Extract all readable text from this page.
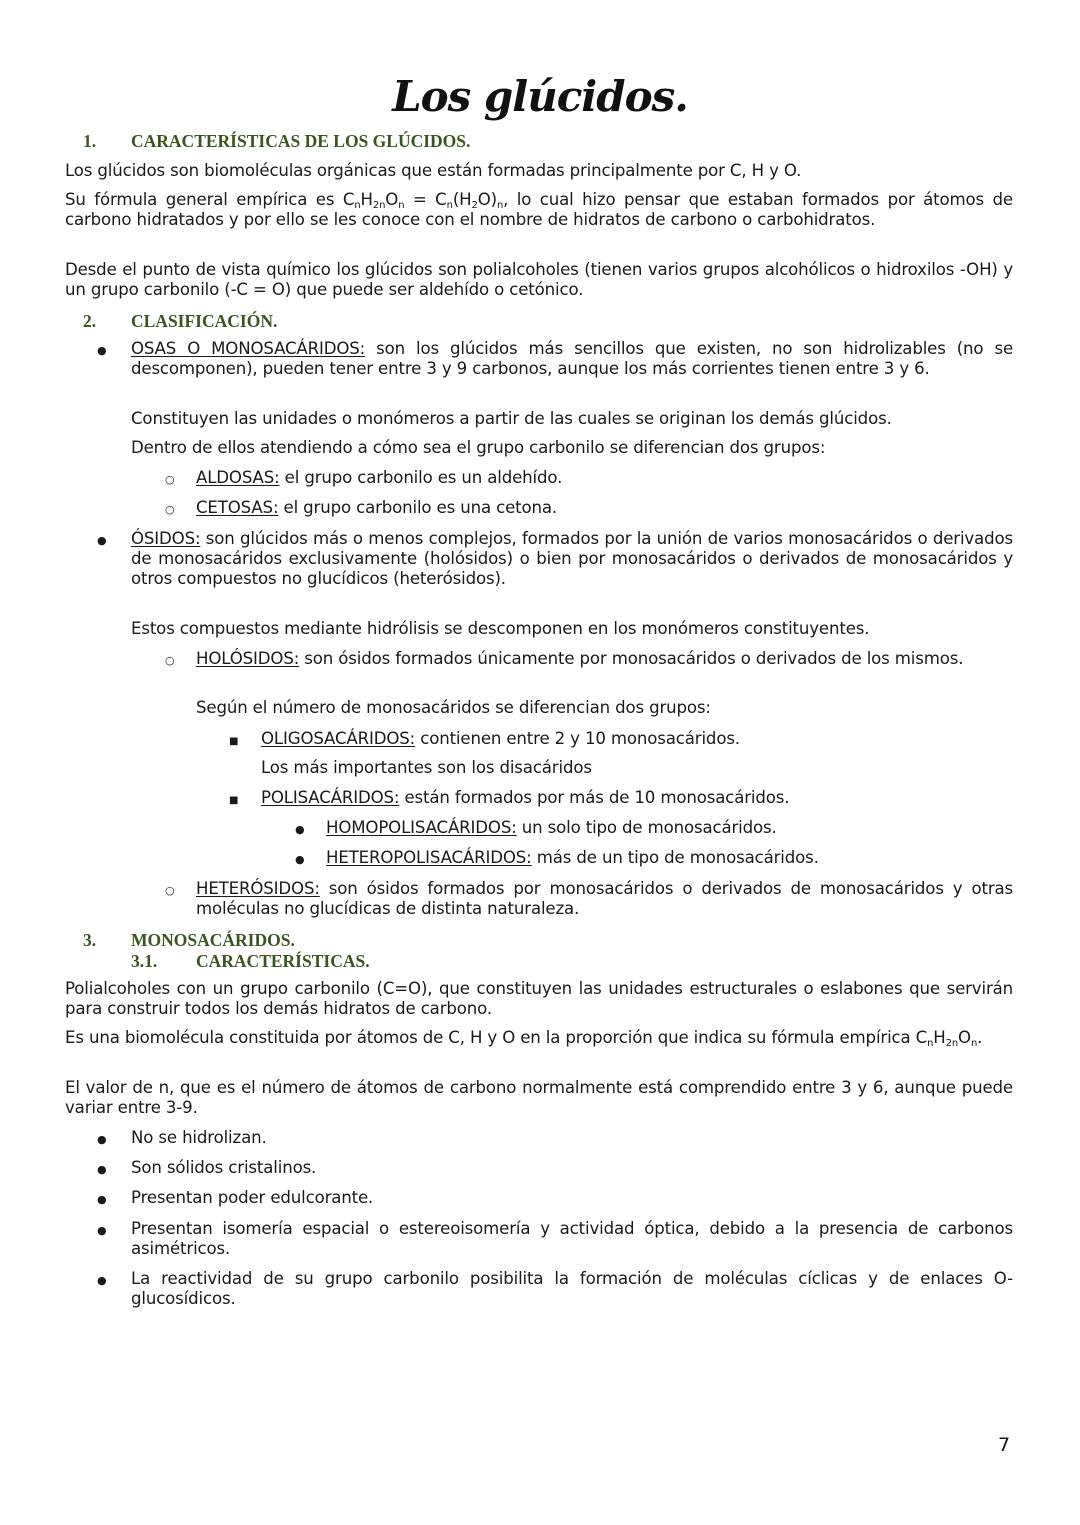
Los glúcidos.
1. CARACTERÍSTICAS DE LOS GLÚCIDOS.
Los glúcidos son biomoléculas orgánicas que están formadas principalmente por C, H y O.
Su fórmula general empírica es $C_nH_{2n}O_n = C_n(H_2O)_n$, lo cual hizo pensar que estaban formados por átomos de carbono hidratados y por ello se les conoce con el nombre de hidratos de carbono o carbohidratos.
Desde el punto de vista químico los glúcidos son polialcoholes (tienen varios grupos alcohólicos o hidroxilos -OH) y un grupo carbonilo (-C = O) que puede ser aldehído o cetónico.
2. CLASIFICACIÓN.
●
OSAS O MONOSACÁRIDOS: son los glúcidos más sencillos que existen, no son hidrolizables (no se descomponen), pueden tener entre 3 y 9 carbonos, aunque los más corrientes tienen entre 3 y 6.
Constituyen las unidades o monómeros a partir de las cuales se originan los demás glúcidos.
Dentro de ellos atendiendo a cómo sea el grupo carbonilo se diferencian dos grupos:
○
ALDOSAS: el grupo carbonilo es un aldehído.
○
CETOSAS: el grupo carbonilo es una cetona.
●
ÓSIDOS: son glúcidos más o menos complejos, formados por la unión de varios monosacáridos o derivados de monosacáridos exclusivamente (holósidos) o bien por monosacáridos o derivados de monosacáridos y otros compuestos no glucídicos (heterósidos).
Estos compuestos mediante hidrólisis se descomponen en los monómeros constituyentes.
○
HOLÓSIDOS: son ósidos formados únicamente por monosacáridos o derivados de los mismos.
Según el número de monosacáridos se diferencian dos grupos:
■
OLIGOSACÁRIDOS: contienen entre 2 y 10 monosacáridos.
Los más importantes son los disacáridos
■
POLISACÁRIDOS: están formados por más de 10 monosacáridos.
●
HOMOPOLISACÁRIDOS: un solo tipo de monosacáridos.
●
HETEROPOLISACÁRIDOS: más de un tipo de monosacáridos.
○
HETERÓSIDOS: son ósidos formados por monosacáridos o derivados de monosacáridos y otras moléculas no glucídicas de distinta naturaleza.
3. MONOSACÁRIDOS.
3.1. CARACTERÍSTICAS.
Polialcoholes con un grupo carbonilo (C=O), que constituyen las unidades estructurales o eslabones que servirán para construir todos los demás hidratos de carbono.
Es una biomolécula constituida por átomos de C, H y O en la proporción que indica su fórmula empírica $C_nH_{2n}O_n$.
El valor de n, que es el número de átomos de carbono normalmente está comprendido entre 3 y 6, aunque puede variar entre 3-9.
●
No se hidrolizan.
●
Son sólidos cristalinos.
●
Presentan poder edulcorante.
●
Presentan isomería espacial o estereoisomería y actividad óptica, debido a la presencia de carbonos asimétricos.
●
La reactividad de su grupo carbonilo posibilita la formación de moléculas cíclicas y de enlaces O-glucosídicos.
7
